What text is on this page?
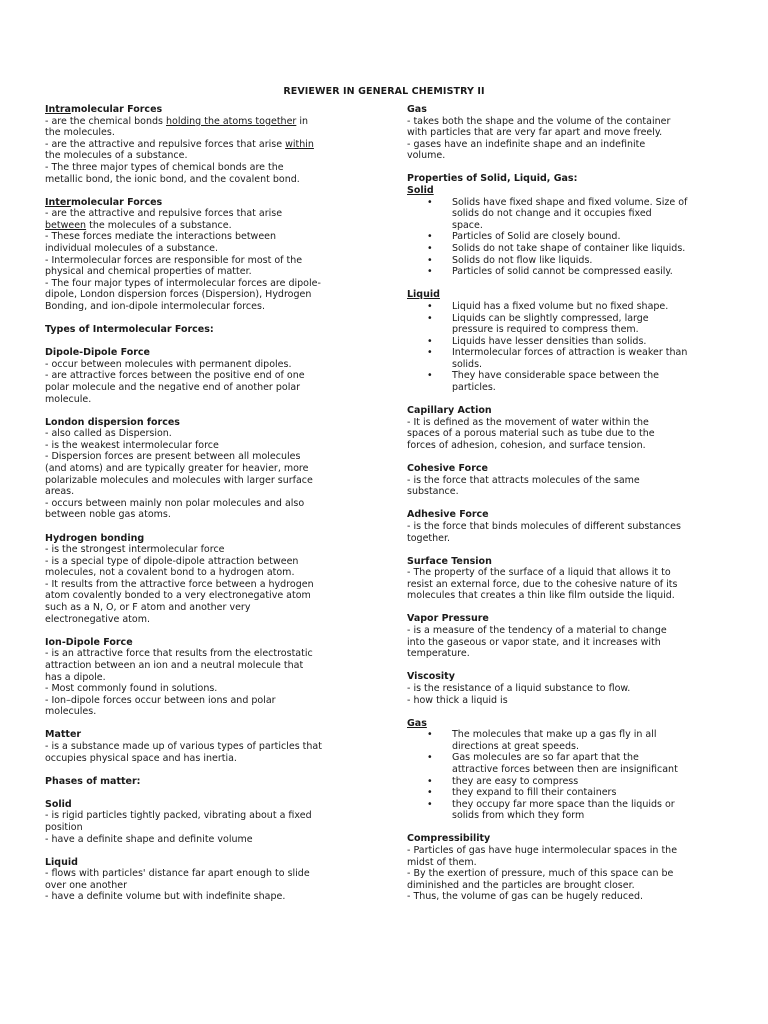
REVIEWER IN GENERAL CHEMISTRY II
Intramolecular Forces
- are the chemical bonds holding the atoms together in
the molecules.
- are the attractive and repulsive forces that arise within
the molecules of a substance.
- The three major types of chemical bonds are the
metallic bond, the ionic bond, and the covalent bond.
Intermolecular Forces
- are the attractive and repulsive forces that arise
between the molecules of a substance.
- These forces mediate the interactions between
individual molecules of a substance.
- Intermolecular forces are responsible for most of the
physical and chemical properties of matter.
- The four major types of intermolecular forces are dipole-
dipole, London dispersion forces (Dispersion), Hydrogen
Bonding, and ion-dipole intermolecular forces.
Types of Intermolecular Forces:
Dipole-Dipole Force
- occur between molecules with permanent dipoles.
- are attractive forces between the positive end of one
polar molecule and the negative end of another polar
molecule.
London dispersion forces
- also called as Dispersion.
- is the weakest intermolecular force
- Dispersion forces are present between all molecules
(and atoms) and are typically greater for heavier, more
polarizable molecules and molecules with larger surface
areas.
- occurs between mainly non polar molecules and also
between noble gas atoms.
Hydrogen bonding
- is the strongest intermolecular force
- is a special type of dipole-dipole attraction between
molecules, not a covalent bond to a hydrogen atom.
- It results from the attractive force between a hydrogen
atom covalently bonded to a very electronegative atom
such as a N, O, or F atom and another very
electronegative atom.
Ion-Dipole Force
- is an attractive force that results from the electrostatic
attraction between an ion and a neutral molecule that
has a dipole.
- Most commonly found in solutions.
- Ion–dipole forces occur between ions and polar
molecules.
Matter
- is a substance made up of various types of particles that
occupies physical space and has inertia.
Phases of matter:
Solid
- is rigid particles tightly packed, vibrating about a fixed
position
- have a definite shape and definite volume
Liquid
- flows with particles' distance far apart enough to slide
over one another
- have a definite volume but with indefinite shape.
Gas
- takes both the shape and the volume of the container
with particles that are very far apart and move freely.
- gases have an indefinite shape and an indefinite
volume.
Properties of Solid, Liquid, Gas:
Solid
• Solids have fixed shape and fixed volume. Size of
solids do not change and it occupies fixed
space.
• Particles of Solid are closely bound.
• Solids do not take shape of container like liquids.
• Solids do not flow like liquids.
• Particles of solid cannot be compressed easily.
Liquid
• Liquid has a fixed volume but no fixed shape.
• Liquids can be slightly compressed, large
pressure is required to compress them.
• Liquids have lesser densities than solids.
• Intermolecular forces of attraction is weaker than
solids.
• They have considerable space between the
particles.
Capillary Action
- It is defined as the movement of water within the
spaces of a porous material such as tube due to the
forces of adhesion, cohesion, and surface tension.
Cohesive Force
- is the force that attracts molecules of the same
substance.
Adhesive Force
- is the force that binds molecules of different substances
together.
Surface Tension
- The property of the surface of a liquid that allows it to
resist an external force, due to the cohesive nature of its
molecules that creates a thin like film outside the liquid.
Vapor Pressure
- is a measure of the tendency of a material to change
into the gaseous or vapor state, and it increases with
temperature.
Viscosity
- is the resistance of a liquid substance to flow.
- how thick a liquid is
Gas
• The molecules that make up a gas fly in all
directions at great speeds.
• Gas molecules are so far apart that the
attractive forces between then are insignificant
• they are easy to compress
• they expand to fill their containers
• they occupy far more space than the liquids or
solids from which they form
Compressibility
- Particles of gas have huge intermolecular spaces in the
midst of them.
- By the exertion of pressure, much of this space can be
diminished and the particles are brought closer.
- Thus, the volume of gas can be hugely reduced.
